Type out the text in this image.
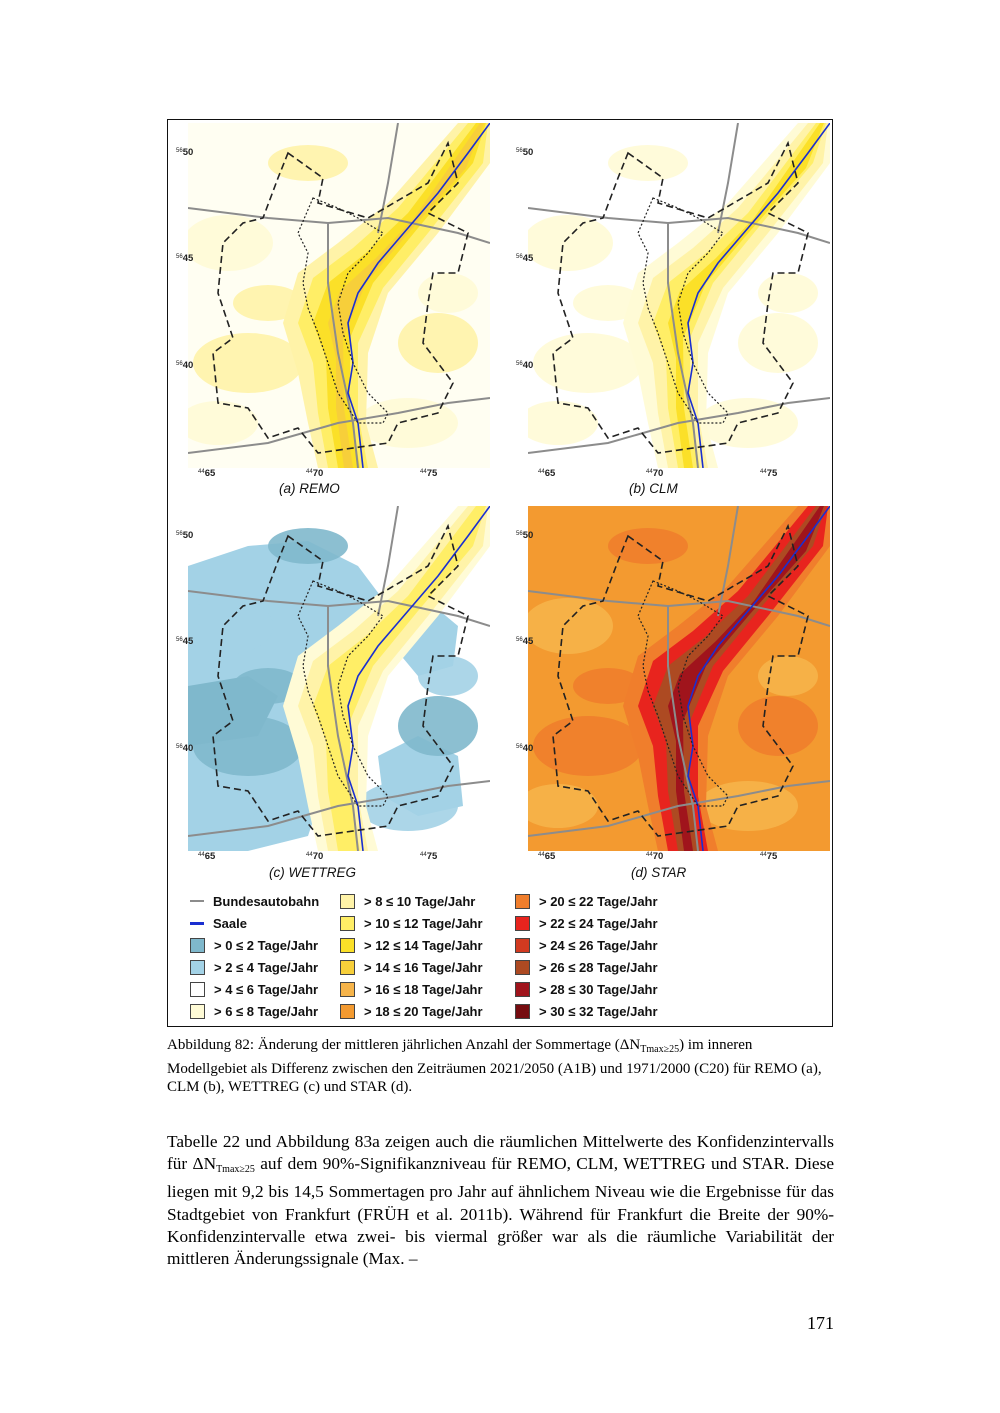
$^{56}$50
$^{56}$45
$^{56}$40
$^{44}$65	$^{44}$70	$^{44}$75
$^{56}$50
$^{56}$45
$^{56}$40
$^{44}$65	$^{44}$70	$^{44}$75
$^{56}$50
$^{56}$45
$^{56}$40
$^{44}$65	$^{44}$70	$^{44}$75
$^{56}$50
$^{56}$45
$^{56}$40
$^{44}$65	$^{44}$70	$^{44}$75
(a) REMO	(b) CLM
(c) WETTREG	(d) STAR
Bundesautobahn
Saale
> 0 ≤ 2 Tage/Jahr
> 2 ≤ 4 Tage/Jahr
> 4 ≤ 6 Tage/Jahr
> 6 ≤ 8 Tage/Jahr
> 8 ≤ 10 Tage/Jahr
> 10 ≤ 12 Tage/Jahr
> 12 ≤ 14 Tage/Jahr
> 14 ≤ 16 Tage/Jahr
> 16 ≤ 18 Tage/Jahr
> 18 ≤ 20 Tage/Jahr
> 20 ≤ 22 Tage/Jahr
> 22 ≤ 24 Tage/Jahr
> 24 ≤ 26 Tage/Jahr
> 26 ≤ 28 Tage/Jahr
> 28 ≤ 30 Tage/Jahr
> 30 ≤ 32 Tage/Jahr
Abbildung 82: Änderung der mittleren jährlichen Anzahl der Sommertage $(\Delta N_{Tmax\ge 25})$ im inneren Modellgebiet als Differenz zwischen den Zeiträumen 2021/2050 (A1B) und 1971/2000 (C20) für REMO (a), CLM (b), WETTREG (c) und STAR (d).
Tabelle 22 und Abbildung 83a zeigen auch die räumlichen Mittelwerte des Konfidenzintervalls für $\Delta N_{Tmax\ge 25}$ auf dem 90%-Signifikanzniveau für REMO, CLM, WETTREG und STAR. Diese liegen mit 9,2 bis 14,5 Sommertagen pro Jahr auf ähnlichem Niveau wie die Ergebnisse für das Stadtgebiet von Frankfurt (FRÜH et al. 2011b). Während für Frankfurt die Breite der 90%-Konfidenzintervalle etwa zwei- bis viermal größer war als die räumliche Variabilität der mittleren Änderungssignale (Max. –
171
